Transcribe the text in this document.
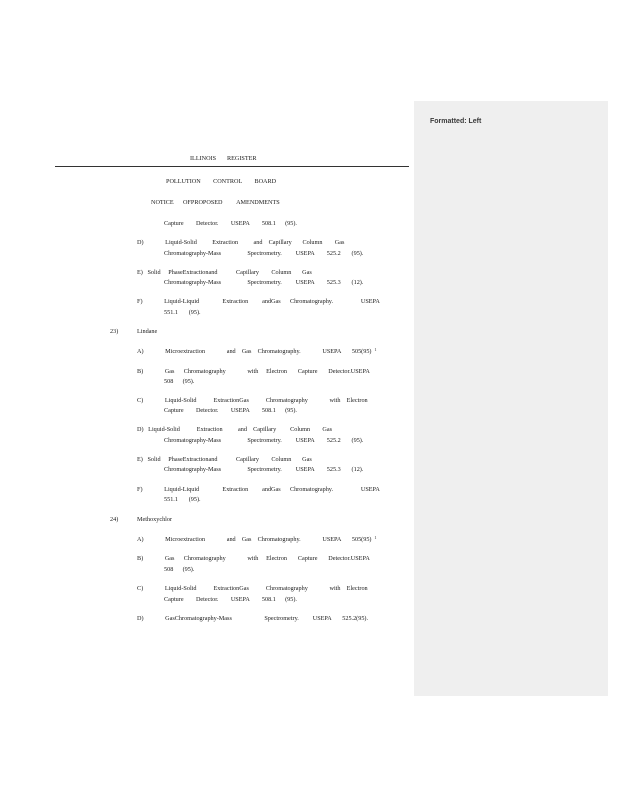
Formatted: Left
ILLINOIS       REGISTER
POLLUTION        CONTROL        BOARD
NOTICE      OFPROPOSED         AMENDMENTS
Capture        Detector.        USEPA        508.1      (95).
D)              Liquid-Solid          Extraction          and    Capillary       Column        Gas
Chromatography-Mass                 Spectrometry.         USEPA        525.2       (95).
E)   Solid     PhaseExtractionand            Capillary        Column       Gas
Chromatography-Mass                 Spectrometry.         USEPA        525.3       (12).
F)              Liquid-Liquid               Extraction         andGas      Chromatography.                  USEPA
551.1       (95).
23)	Lindane
A)              Microextraction              and    Gas    Chromatography.              USEPA       505(95) $^1$
B)              Gas      Chromatography              with     Electron       Capture       Detector.USEPA
508      (95).
C)              Liquid-Solid           ExtractionGas           Chromatography              with    Electron
Capture        Detector.        USEPA        508.1      (95).
D)   Liquid-Solid           Extraction          and    Capillary         Column        Gas
Chromatography-Mass                 Spectrometry.         USEPA        525.2       (95).
E)   Solid     PhaseExtractionand            Capillary        Column       Gas
Chromatography-Mass                 Spectrometry.         USEPA        525.3       (12).
F)              Liquid-Liquid               Extraction         andGas      Chromatography.                  USEPA
551.1       (95).
24)	Methoxychlor
A)              Microextraction              and    Gas    Chromatography.              USEPA       505(95) $^1$
B)              Gas      Chromatography              with     Electron       Capture       Detector.USEPA
508      (95).
C)              Liquid-Solid           ExtractionGas           Chromatography              with    Electron
Capture        Detector.        USEPA        508.1      (95).
D)              GasChromatography-Mass                     Spectrometry.         USEPA       525.2(95).
